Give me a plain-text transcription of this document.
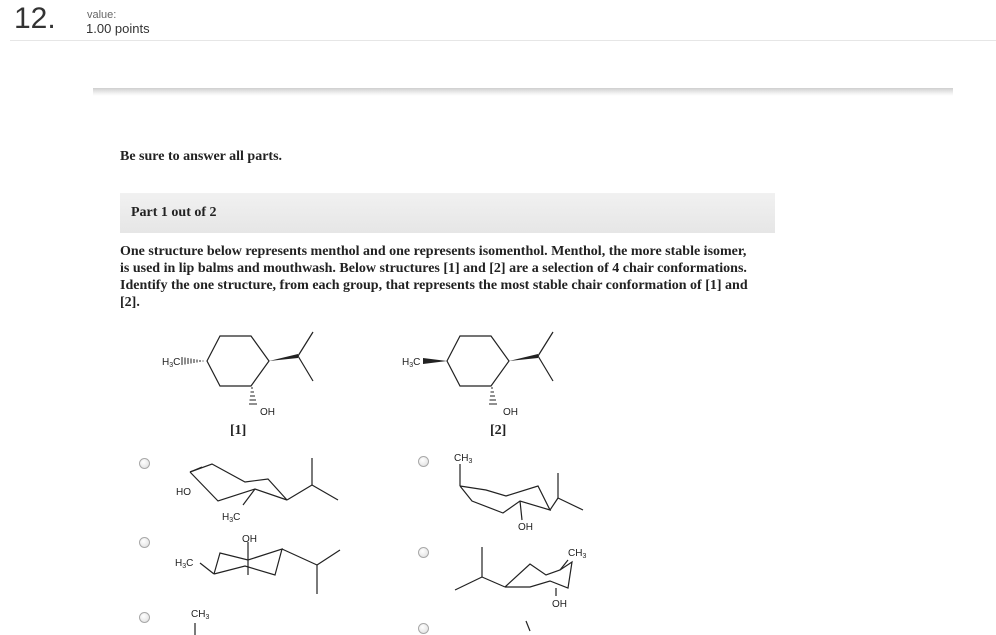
12.	value:
1.00 points
Be sure to answer all parts.
Part 1 out of 2

One structure below represents menthol and one represents isomenthol. Menthol, the more stable isomer, is used in lip balms and mouthwash. Below structures [1] and [2] are a selection of 4 chair conformations. Identify the one structure, from each group, that represents the most stable chair conformation of [1] and [2].

$H_3C$
OH
[1]
$H_3C$
OH
[2]
HO
$H_3C$
OH
$H_3C$
$CH_3$
$CH_3$
OH
$CH_3$
OH
